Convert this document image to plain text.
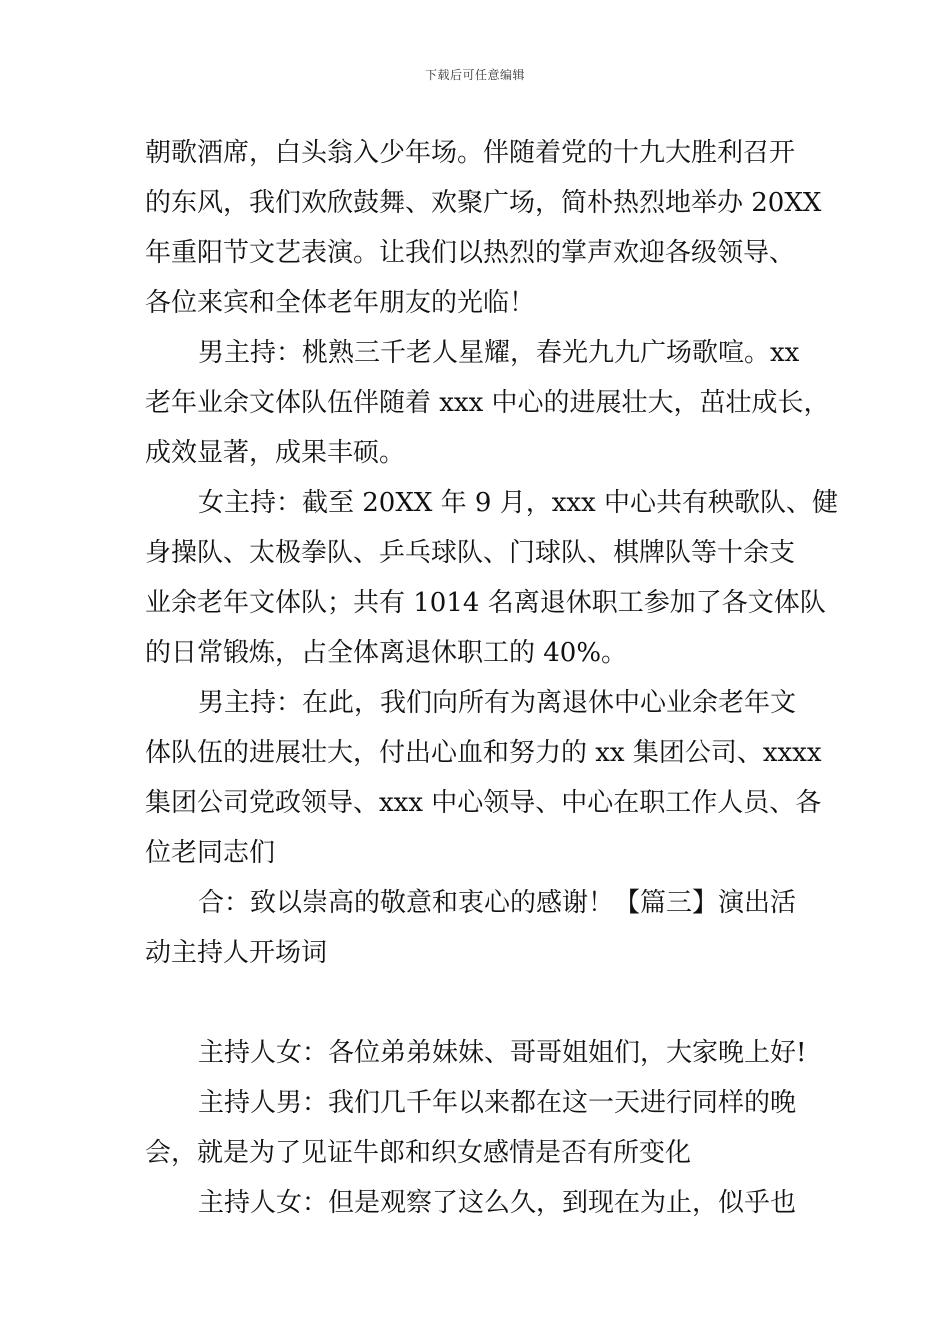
下载后可任意编辑
朝歌酒席，白头翁入少年场。伴随着党的十九大胜利召开
的东风，我们欢欣鼓舞、欢聚广场，简朴热烈地举办 20XX
年重阳节文艺表演。让我们以热烈的掌声欢迎各级领导、
各位来宾和全体老年朋友的光临！
男主持：桃熟三千老人星耀，春光九九广场歌喧。xx
老年业余文体队伍伴随着 xxx 中心的进展壮大，茁壮成长，
成效显著，成果丰硕。
女主持：截至 20XX 年 9 月，xxx 中心共有秧歌队、健
身操队、太极拳队、乒乓球队、门球队、棋牌队等十余支
业余老年文体队；共有 1014 名离退休职工参加了各文体队
的日常锻炼，占全体离退休职工的 40%。
男主持：在此，我们向所有为离退休中心业余老年文
体队伍的进展壮大，付出心血和努力的 xx 集团公司、xxxx
集团公司党政领导、xxx 中心领导、中心在职工作人员、各
位老同志们
合：致以崇高的敬意和衷心的感谢！【篇三】演出活
动主持人开场词
主持人女：各位弟弟妹妹、哥哥姐姐们，大家晚上好!
主持人男：我们几千年以来都在这一天进行同样的晚
会，就是为了见证牛郎和织女感情是否有所变化
主持人女：但是观察了这么久，到现在为止，似乎也
